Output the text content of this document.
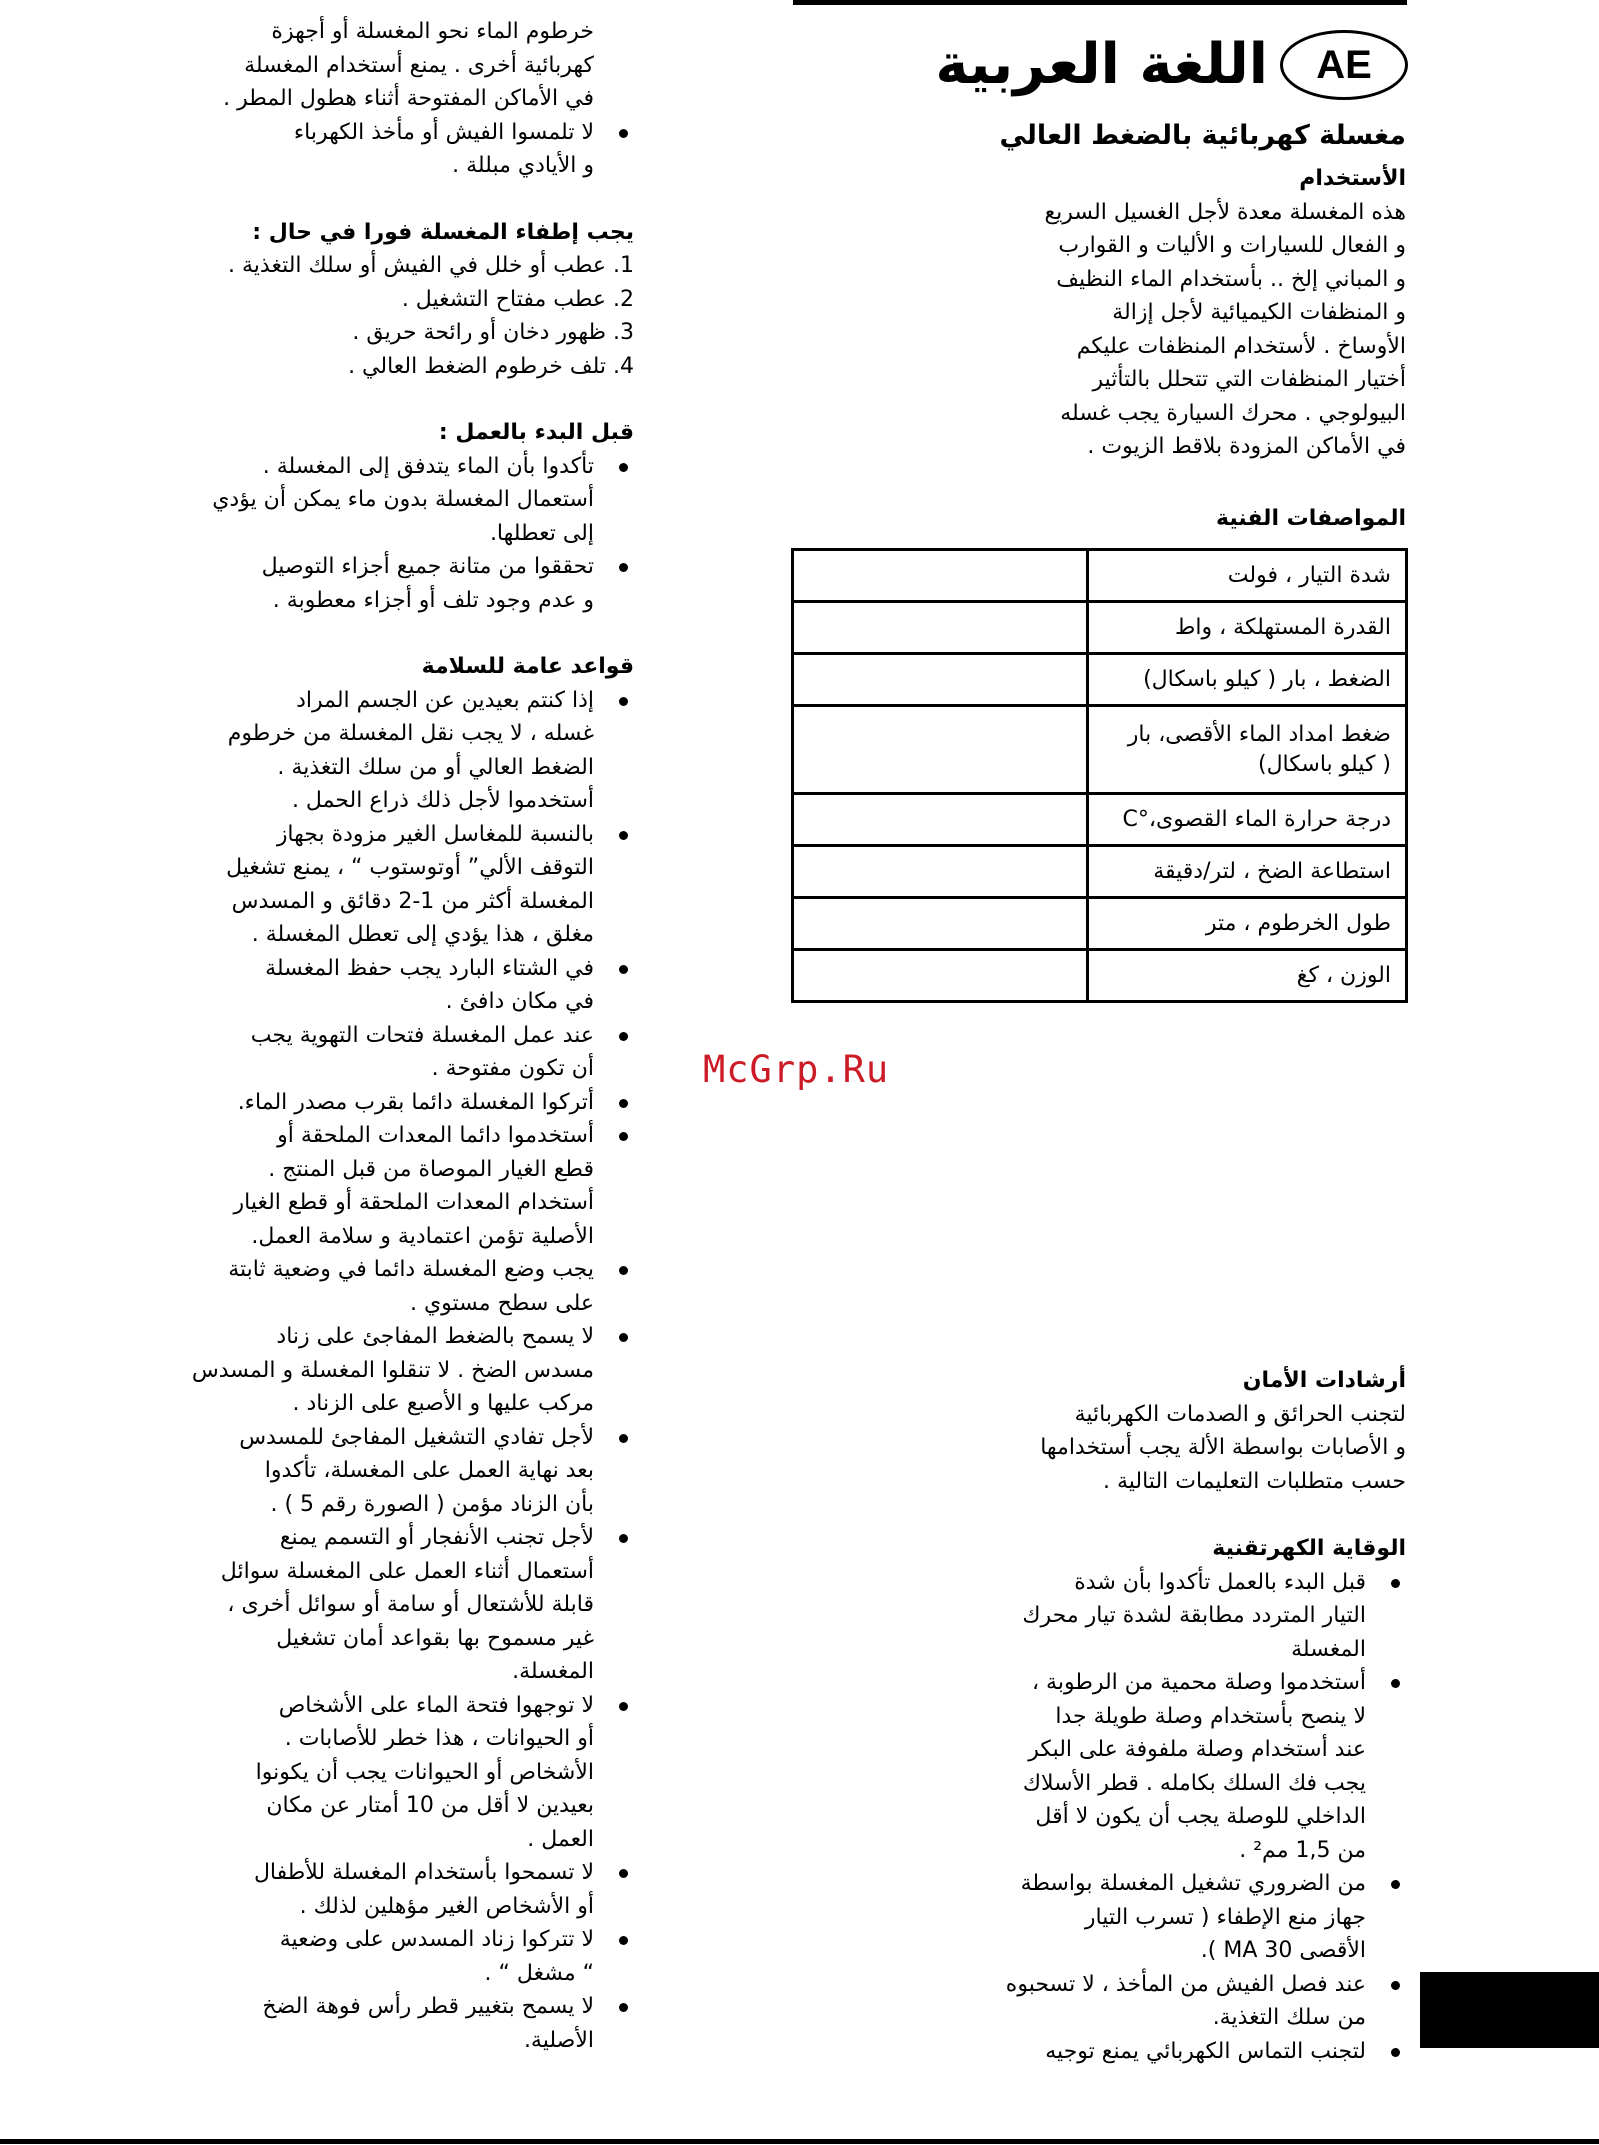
AE
اللغة العربية
مغسلة كهربائية بالضغط العالي
الأستخدام
هذه المغسلة معدة لأجل الغسيل السريع
و الفعال للسيارات و الأليات و القوارب
و المباني إلخ .. بأستخدام الماء النظيف
و المنظفات الكيميائية لأجل إزالة
الأوساخ . لأستخدام المنظفات عليكم
أختيار المنظفات التي تتحلل بالتأثير
البيولوجي . محرك السيارة يجب غسله
في الأماكن المزودة بلاقط الزيوت .
المواصفات الفنية
شدة التيار ، فولت	

القدرة المستهلكة ، واط	

الضغط ، بار ( كيلو باسكال)	

ضغط امداد الماء الأقصى، بار
( كيلو باسكال)	

درجة حرارة الماء القصوى،°C	

استطاعة الضخ ، لتر/دقيقة	

طول الخرطوم ، متر	

الوزن ، كغ	

McGrp.Ru
أرشادات الأمان
لتجنب الحرائق و الصدمات الكهربائية
و الأصابات بواسطة الألة يجب أستخدامها
حسب متطلبات التعليمات التالية .
الوقاية الكهرتقنية
قبل البدء بالعمل تأكدوا بأن شدة
التيار المتردد مطابقة لشدة تيار محرك
المغسلة
أستخدموا وصلة محمية من الرطوبة ،
لا ينصح بأستخدام وصلة طويلة جدا
عند أستخدام وصلة ملفوفة على البكر
يجب فك السلك بكامله . قطر الأسلاك
الداخلي للوصلة يجب أن يكون لا أقل
من 1,5 مم² .
من الضروري تشغيل المغسلة بواسطة
جهاز منع الإطفاء ( تسرب التيار
الأقصى 30 MA ).
عند فصل الفيش من المأخذ ، لا تسحبوه
من سلك التغذية.
لتجنب التماس الكهربائي يمنع توجيه
خرطوم الماء نحو المغسلة أو أجهزة
كهربائية أخرى . يمنع أستخدام المغسلة
في الأماكن المفتوحة أثناء هطول المطر .
لا تلمسوا الفيش أو مأخذ الكهرباء
و الأيادي مبللة .
يجب إطفاء المغسلة فورا في حال :
1. عطب أو خلل في الفيش أو سلك التغذية .
2. عطب مفتاح التشغيل .
3. ظهور دخان أو رائحة حريق .
4. تلف خرطوم الضغط العالي .
قبل البدء بالعمل :
تأكدوا بأن الماء يتدفق إلى المغسلة .
أستعمال المغسلة بدون ماء يمكن أن يؤدي
إلى تعطلها.
تحققوا من متانة جميع أجزاء التوصيل
و عدم وجود تلف أو أجزاء معطوبة .
قواعد عامة للسلامة
إذا كنتم بعيدين عن الجسم المراد
غسله ، لا يجب نقل المغسلة من خرطوم
الضغط العالي أو من سلك التغذية .
أستخدموا لأجل ذلك ذراع الحمل .
بالنسبة للمغاسل الغير مزودة بجهاز
التوقف الألي” أوتوستوب “ ، يمنع تشغيل
المغسلة أكثر من 1-2 دقائق و المسدس
مغلق ، هذا يؤدي إلى تعطل المغسلة .
في الشتاء البارد يجب حفظ المغسلة
في مكان دافئ .
عند عمل المغسلة فتحات التهوية يجب
أن تكون مفتوحة .
أتركوا المغسلة دائما بقرب مصدر الماء.
أستخدموا دائما المعدات الملحقة أو
قطع الغيار الموصاة من قبل المنتج .
أستخدام المعدات الملحقة أو قطع الغيار
الأصلية تؤمن اعتمادية و سلامة العمل.
يجب وضع المغسلة دائما في وضعية ثابتة
على سطح مستوي .
لا يسمح بالضغط المفاجئ على زناد
مسدس الضخ . لا تنقلوا المغسلة و المسدس
مركب عليها و الأصبع على الزناد .
لأجل تفادي التشغيل المفاجئ للمسدس
بعد نهاية العمل على المغسلة، تأكدوا
بأن الزناد مؤمن ( الصورة رقم 5 ) .
لأجل تجنب الأنفجار أو التسمم يمنع
أستعمال أثناء العمل على المغسلة سوائل
قابلة للأشتعال أو سامة أو سوائل أخرى ،
غير مسموح بها بقواعد أمان تشغيل
المغسلة.
لا توجهوا فتحة الماء على الأشخاص
أو الحيوانات ، هذا خطر للأصابات .
الأشخاص أو الحيوانات يجب أن يكونوا
بعيدين لا أقل من 10 أمتار عن مكان
العمل .
لا تسمحوا بأستخدام المغسلة للأطفال
أو الأشخاص الغير مؤهلين لذلك .
لا تتركوا زناد المسدس على وضعية
“ مشغل “ .
لا يسمح بتغيير قطر رأس فوهة الضخ
الأصلية.
